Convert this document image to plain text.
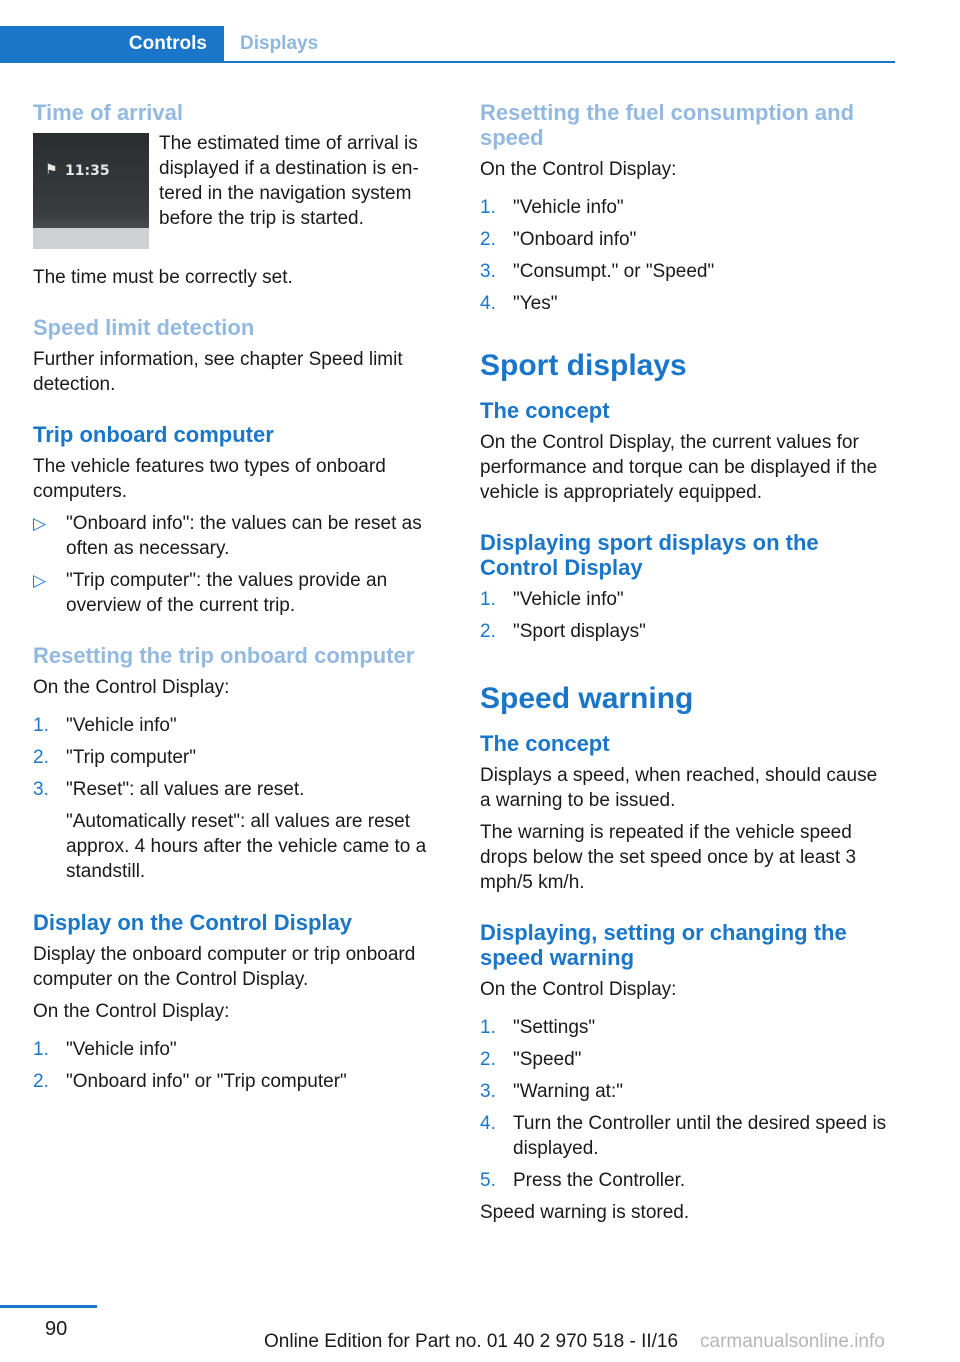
Controls Displays
Time of arrival
⚑ 11:35

The estimated time of arrival is displayed if a destination is en‐tered in the navigation system before the trip is started.

The time must be correctly set.

Speed limit detection

Further information, see chapter Speed limit detection.

Trip onboard computer

The vehicle features two types of onboard computers.

▷ "Onboard info": the values can be reset as often as necessary.
▷ "Trip computer": the values provide an overview of the current trip.
Resetting the trip onboard computer

On the Control Display:

1. "Vehicle info"
2. "Trip computer"
3. "Reset": all values are reset.
"Automatically reset": all values are reset approx. 4 hours after the vehicle came to a standstill.
Display on the Control Display

Display the onboard computer or trip onboard computer on the Control Display.

On the Control Display:

1. "Vehicle info"
2. "Onboard info" or "Trip computer"
Resetting the fuel consumption and speed

On the Control Display:

1. "Vehicle info"
2. "Onboard info"
3. "Consumpt." or "Speed"
4. "Yes"
Sport displays
The concept

On the Control Display, the current values for performance and torque can be displayed if the vehicle is appropriately equipped.

Displaying sport displays on the Control Display
1. "Vehicle info"
2. "Sport displays"
Speed warning
The concept

Displays a speed, when reached, should cause a warning to be issued.

The warning is repeated if the vehicle speed drops below the set speed once by at least 3 mph/5 km/h.

Displaying, setting or changing the speed warning

On the Control Display:

1. "Settings"
2. "Speed"
3. "Warning at:"
4. Turn the Controller until the desired speed is displayed.
5. Press the Controller.

Speed warning is stored.

90
Online Edition for Part no. 01 40 2 970 518 - II/16 carmanualsonline.info
